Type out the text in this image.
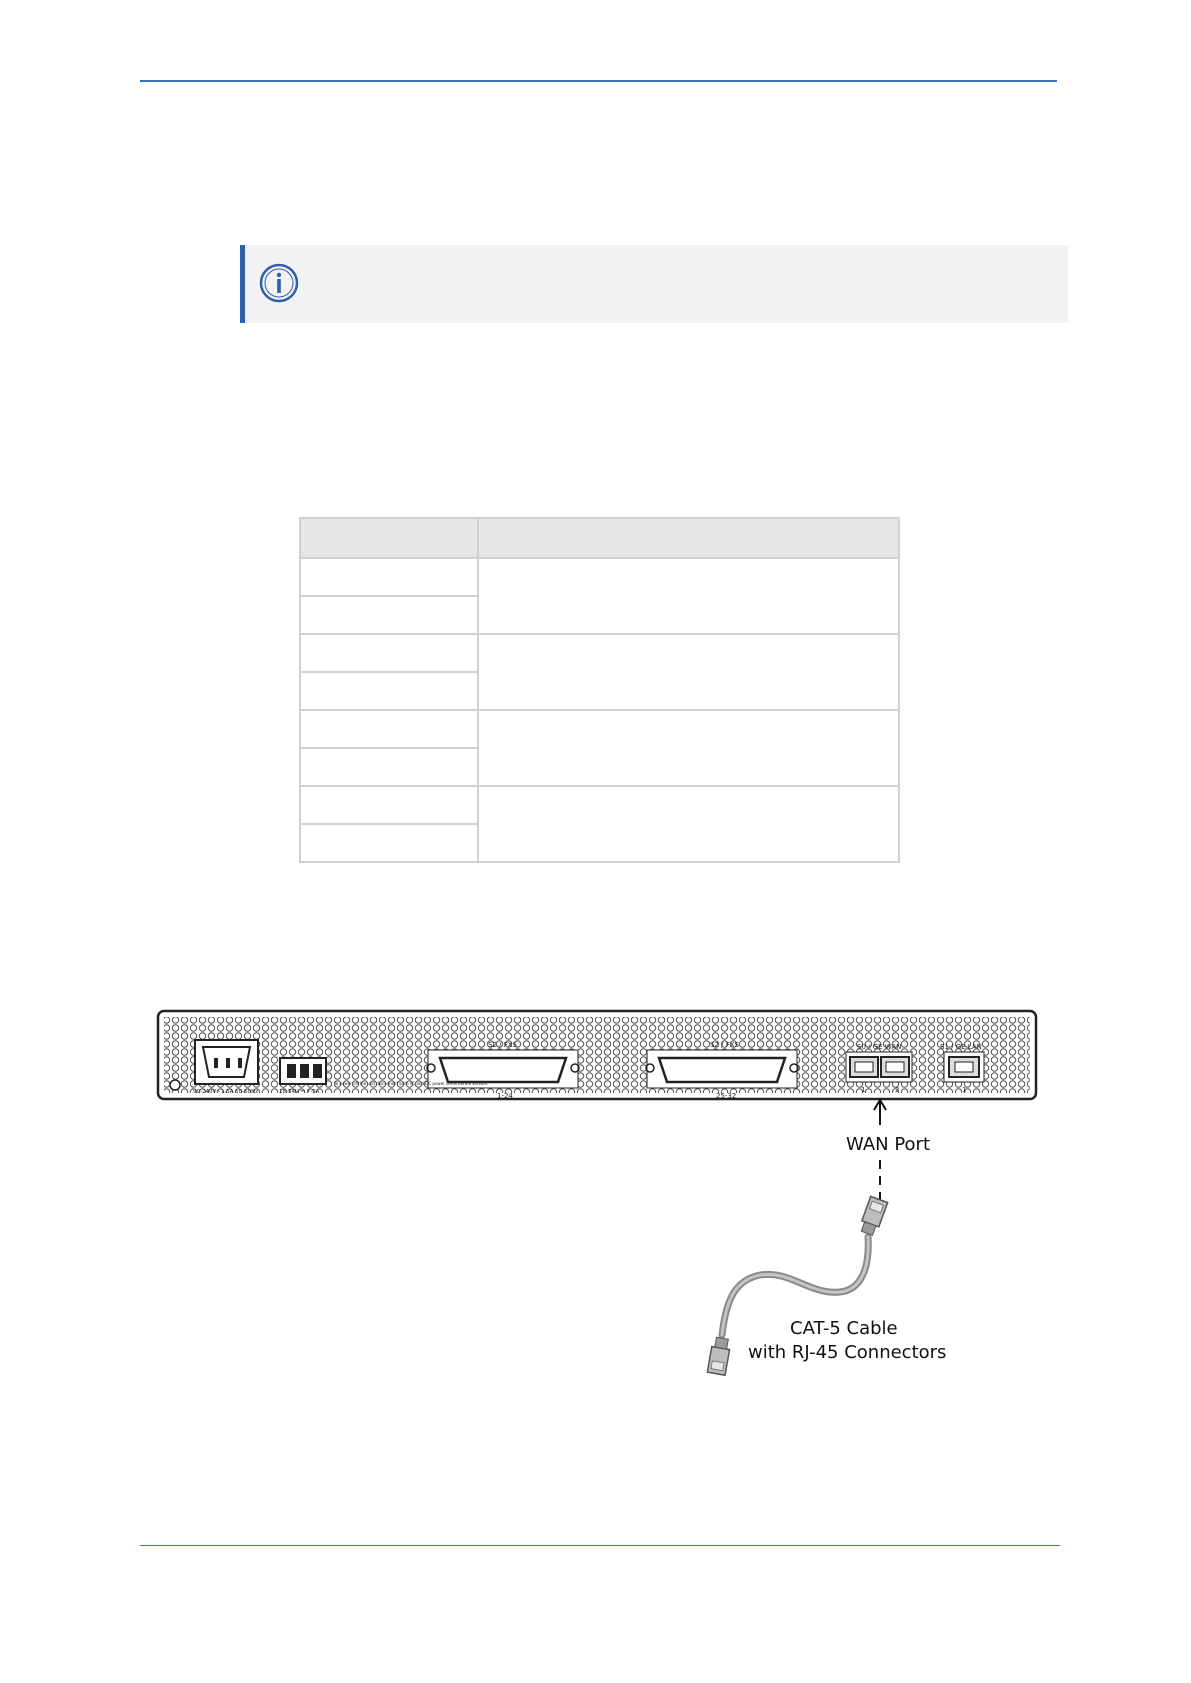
S2 / FXS
1-24
S2 / FXS
25-32
S0 / GE WAN
1	2
S1 / GE LAN
1
90-240V~1.5A 50-60Hz	18-54V ⎓ 7-3A
To power off the unit disconnect both AC and DC power cords before service.
WAN Port
CAT-5 Cable
with RJ-45 Connectors
